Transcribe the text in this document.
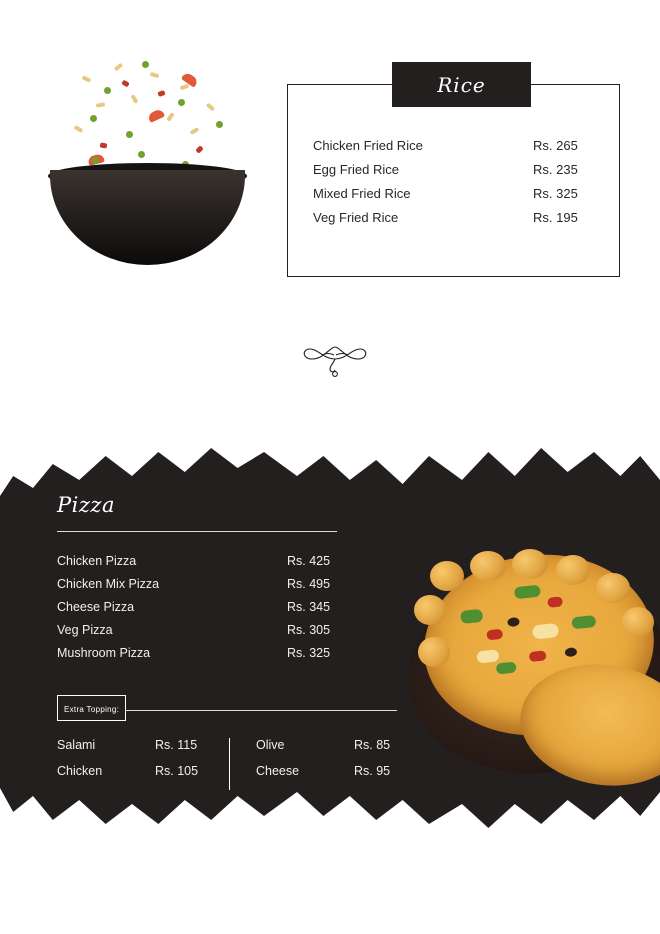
Rice
Chicken Fried Rice	Rs. 265
Egg Fried Rice	Rs. 235
Mixed Fried Rice	Rs. 325
Veg Fried Rice	Rs. 195
Pizza
Chicken Pizza	Rs. 425
Chicken Mix Pizza	Rs. 495
Cheese Pizza	Rs. 345
Veg Pizza	Rs. 305
Mushroom Pizza	Rs. 325
Extra Topping:
Salami	Rs. 115
Chicken	Rs. 105
Olive	Rs. 85
Cheese	Rs. 95
